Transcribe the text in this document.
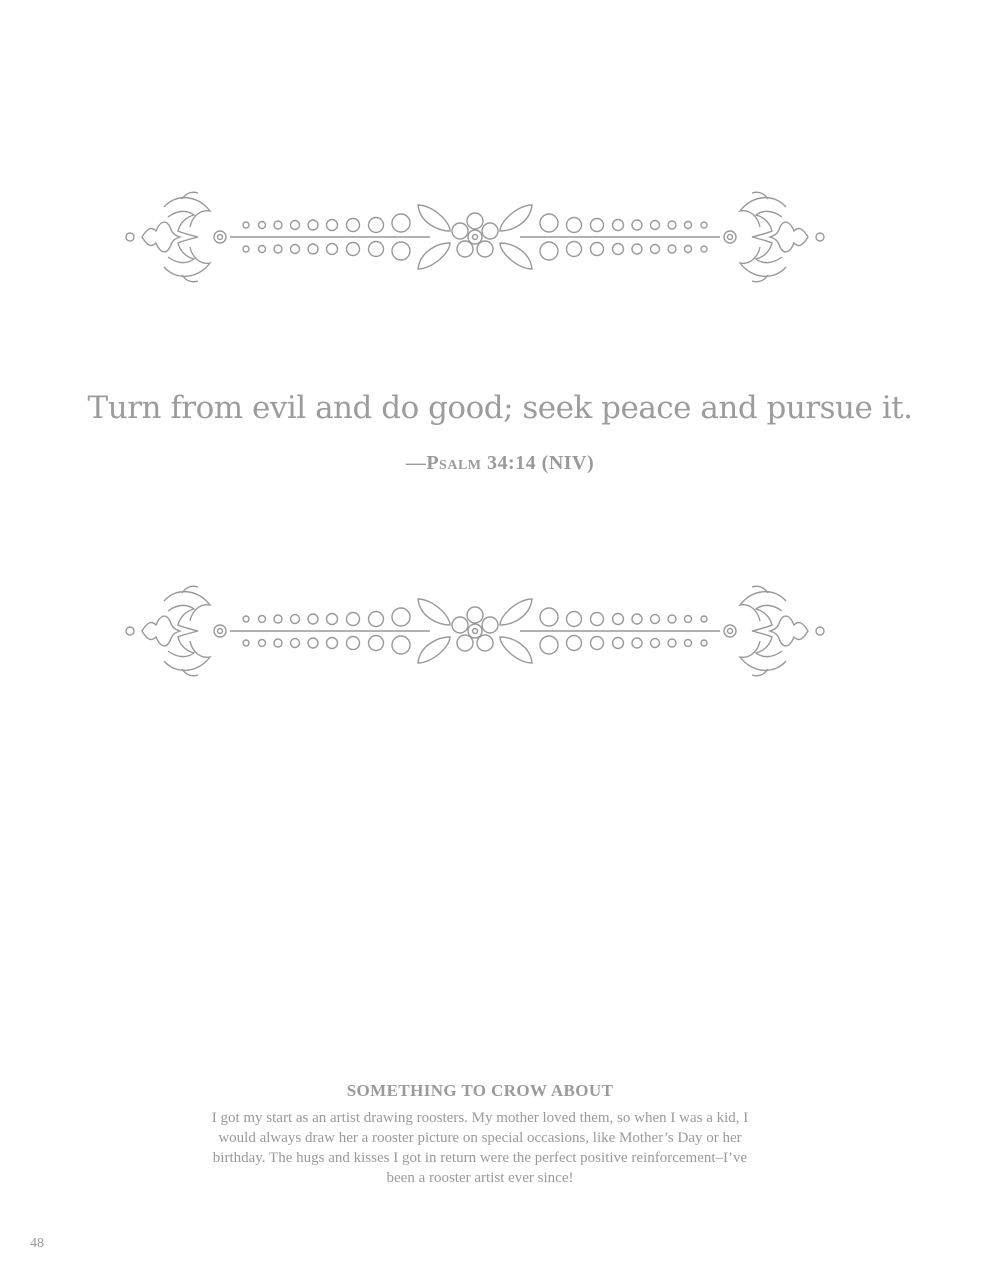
Turn from evil and do good; seek peace and pursue it.

—Psalm 34:14 (NIV)
SOMETHING TO CROW ABOUT

I got my start as an artist drawing roosters. My mother loved them, so when I was a kid, I would always draw her a rooster picture on special occasions, like Mother’s Day or her birthday. The hugs and kisses I got in return were the perfect positive reinforcement–I’ve been a rooster artist ever since!

48
